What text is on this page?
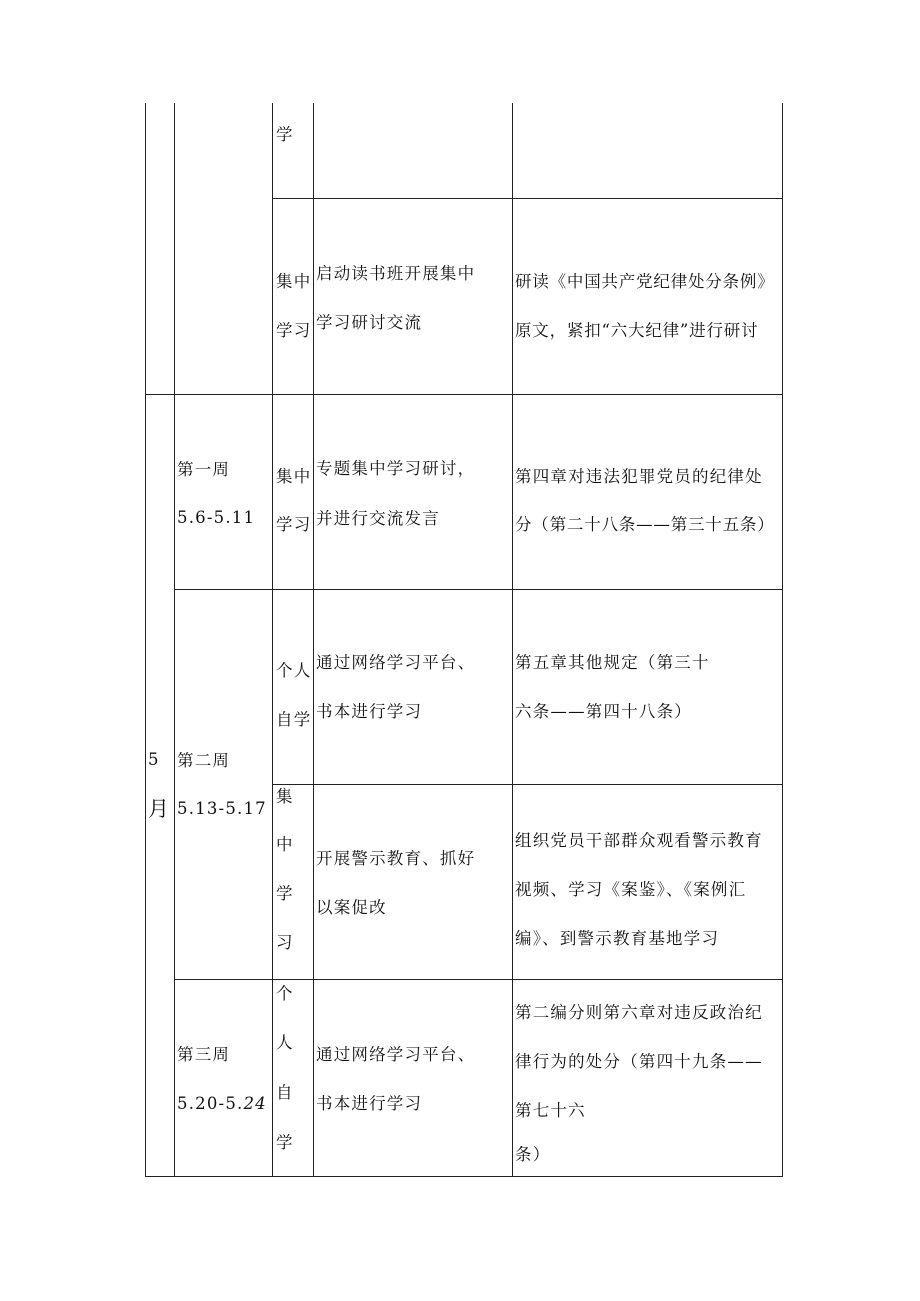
5
月
学
集中
学习
启动读书班开展集中
学习研讨交流
研读《中国共产党纪律处分条例》
原文，紧扣“六大纪律”进行研讨
第一周
5.6-5.11
集中
学习
专题集中学习研讨，
并进行交流发言
第四章对违法犯罪党员的纪律处
分（第二十八条——第三十五条）
个人
自学
通过网络学习平台、
书本进行学习
第五章其他规定（第三十
六条——第四十八条）
第二周
5.13-5.17
集
中
学
习
开展警示教育、抓好
以案促改
组织党员干部群众观看警示教育
视频、学习《案鉴》、《案例汇
编》、到警示教育基地学习
第三周
5.20-5.24
个
人
自
学
通过网络学习平台、
书本进行学习
第二编分则第六章对违反政治纪
律行为的处分（第四十九条——
第七十六
条）
